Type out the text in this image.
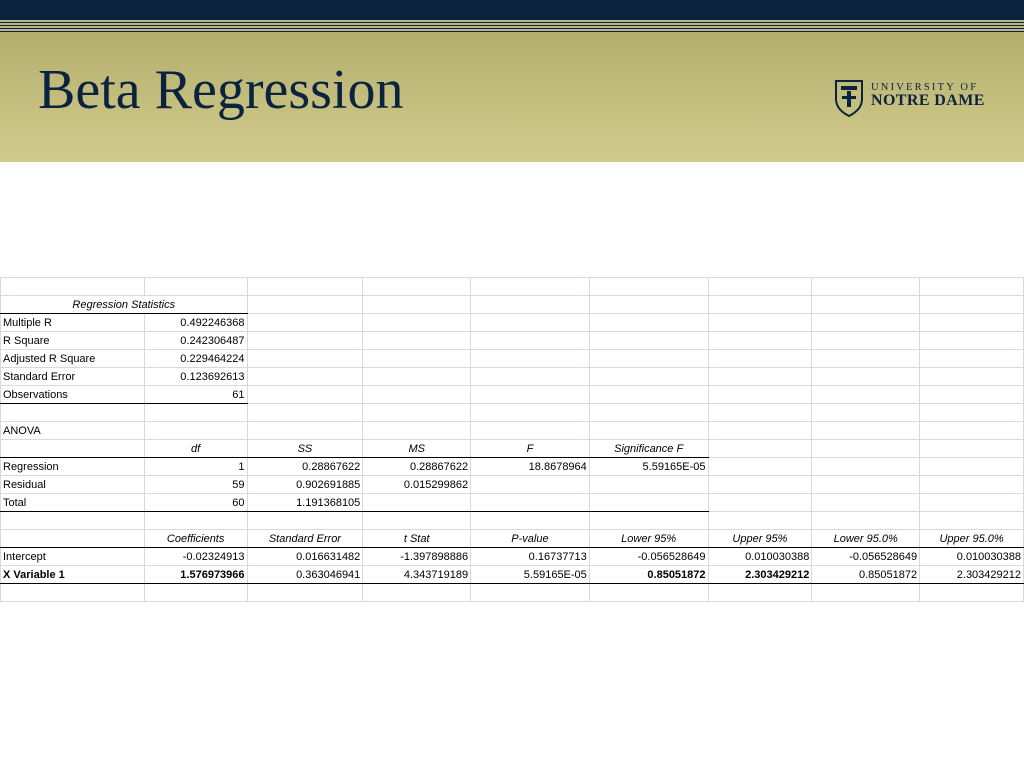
Beta Regression	UNIVERSITY OF
NOTRE DAME

Regression Statistics								
Multiple R	0.492246368							
R Square	0.242306487							
Adjusted R Square	0.229464224							
Standard Error	0.123692613							
Observations	61							

ANOVA								
	df	SS	MS	F	Significance F			
Regression	1	0.28867622	0.28867622	18.8678964	5.59165E-05			
Residual	59	0.902691885	0.015299862					
Total	60	1.191368105						

	Coefficients	Standard Error	t Stat	P-value	Lower 95%	Upper 95%	Lower 95.0%	Upper 95.0%
Intercept	-0.02324913	0.016631482	-1.397898886	0.16737713	-0.056528649	0.010030388	-0.056528649	0.010030388
X Variable 1	1.576973966	0.363046941	4.343719189	5.59165E-05	0.85051872	2.303429212	0.85051872	2.303429212
